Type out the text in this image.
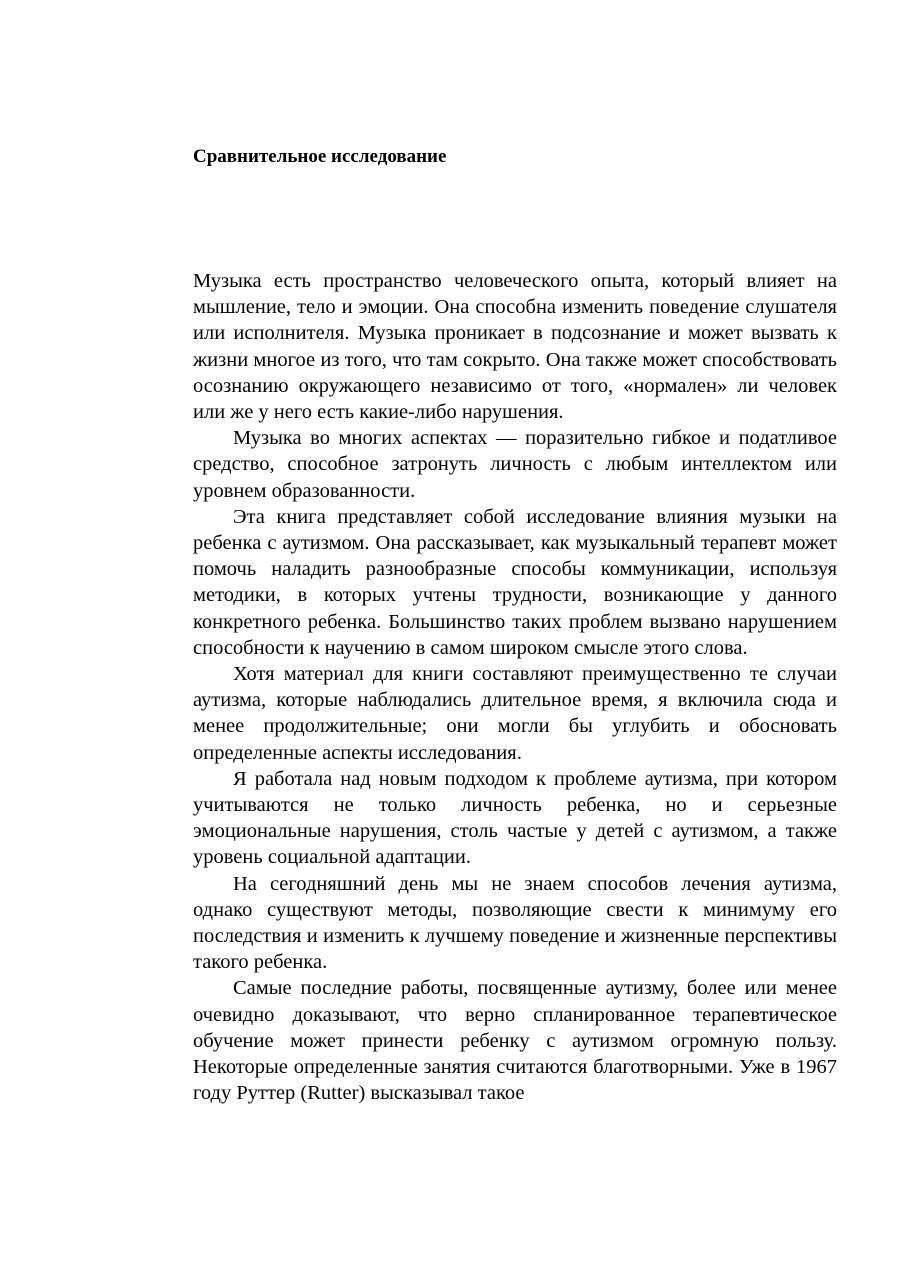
Сравнительное исследование

Музыка есть пространство человеческого опыта, который влияет на мышление, тело и эмоции. Она способна изменить поведение слушателя или исполнителя. Музыка проникает в подсознание и может вызвать к жизни многое из того, что там сокрыто. Она также может способствовать осознанию окружающего независимо от того, «нормален» ли человек или же у него есть какие-либо нарушения.

Музыка во многих аспектах — поразительно гибкое и податливое средство, способное затронуть личность с любым интеллектом или уровнем образованности.

Эта книга представляет собой исследование влияния музыки на ребенка с аутизмом. Она рассказывает, как музыкальный терапевт может помочь наладить разнообразные способы коммуникации, используя методики, в которых учтены трудности, возникающие у данного конкретного ребенка. Большинство таких проблем вызвано нарушением способности к научению в самом широком смысле этого слова.

Хотя материал для книги составляют преимущественно те случаи аутизма, которые наблюдались длительное время, я включила сюда и менее продолжительные; они могли бы углубить и обосновать определенные аспекты исследования.

Я работала над новым подходом к проблеме аутизма, при котором учитываются не только личность ребенка, но и серьезные эмоциональные нарушения, столь частые у детей с аутизмом, а также уровень социальной адаптации.

На сегодняшний день мы не знаем способов лечения аутизма, однако существуют методы, позволяющие свести к минимуму его последствия и изменить к лучшему поведение и жизненные перспективы такого ребенка.

Самые последние работы, посвященные аутизму, более или менее очевидно доказывают, что верно спланированное терапевтическое обучение может принести ребенку с аутизмом огромную пользу. Некоторые определенные занятия считаются благотворными. Уже в 1967 году Руттер (Rutter) высказывал такое
